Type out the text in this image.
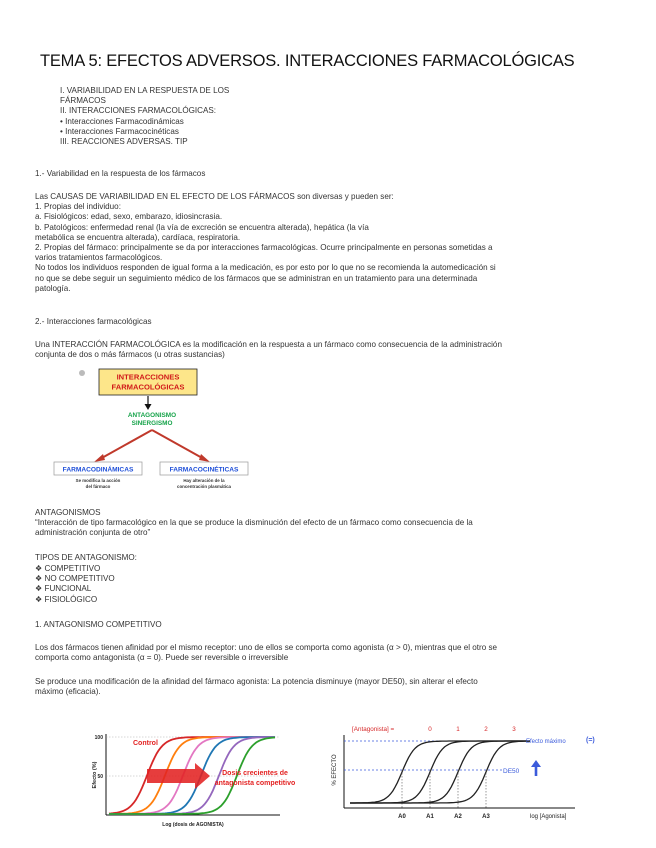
TEMA 5: EFECTOS ADVERSOS. INTERACCIONES FARMACOLÓGICAS
I. VARIABILIDAD EN LA RESPUESTA DE LOS
FÁRMACOS
II. INTERACCIONES FARMACOLÓGICAS:
• Interacciones Farmacodinámicas
• Interacciones Farmacocinéticas
III. REACCIONES ADVERSAS. TIP
1.- Variabilidad en la respuesta de los fármacos
Las CAUSAS DE VARIABILIDAD EN EL EFECTO DE LOS FÁRMACOS son diversas y pueden ser:
1. Propias del individuo:
a. Fisiológicos: edad, sexo, embarazo, idiosincrasia.
b. Patológicos: enfermedad renal (la vía de excreción se encuentra alterada), hepática (la vía
metabólica se encuentra alterada), cardíaca, respiratoria.
2. Propias del fármaco: principalmente se da por interacciones farmacológicas. Ocurre principalmente en personas sometidas a
varios tratamientos farmacológicos.
No todos los individuos responden de igual forma a la medicación, es por esto por lo que no se recomienda la automedicación si
no que se debe seguir un seguimiento médico de los fármacos que se administran en un tratamiento para una determinada
patología.
2.- Interacciones farmacológicas
Una INTERACCIÓN FARMACOLÓGICA es la modificación en la respuesta a un fármaco como consecuencia de la administración
conjunta de dos o más fármacos (u otras sustancias)
INTERACCIONES
FARMACOLÓGICAS
ANTAGONISMO
SINERGISMO
FARMACODINÁMICAS
Se modifica la acción
del fármaco
FARMACOCINÉTICAS
Hay alteración de la
concentración plasmática
ANTAGONISMOS
“Interacción de tipo farmacológico en la que se produce la disminución del efecto de un fármaco como consecuencia de la
administración conjunta de otro”
TIPOS DE ANTAGONISMO:
❖ COMPETITIVO
❖ NO COMPETITIVO
❖ FUNCIONAL
❖ FISIOLÓGICO
1. ANTAGONISMO COMPETITIVO
Los dos fármacos tienen afinidad por el mismo receptor: uno de ellos se comporta como agonista (α > 0), mientras que el otro se
comporta como antagonista (α = 0). Puede ser reversible o irreversible
Se produce una modificación de la afinidad del fármaco agonista: La potencia disminuye (mayor DE50), sin alterar el efecto
máximo (eficacia).
Efecto (%)
100
50
Control
Dosis crecientes de
antagonista competitivo
Log (dosis de AGONISTA)
[Antagonista] =	0	1	2	3
% EFECTO
Efecto máximo	(=)
DE50
log [Agonista]
A0	A1	A2	A3
